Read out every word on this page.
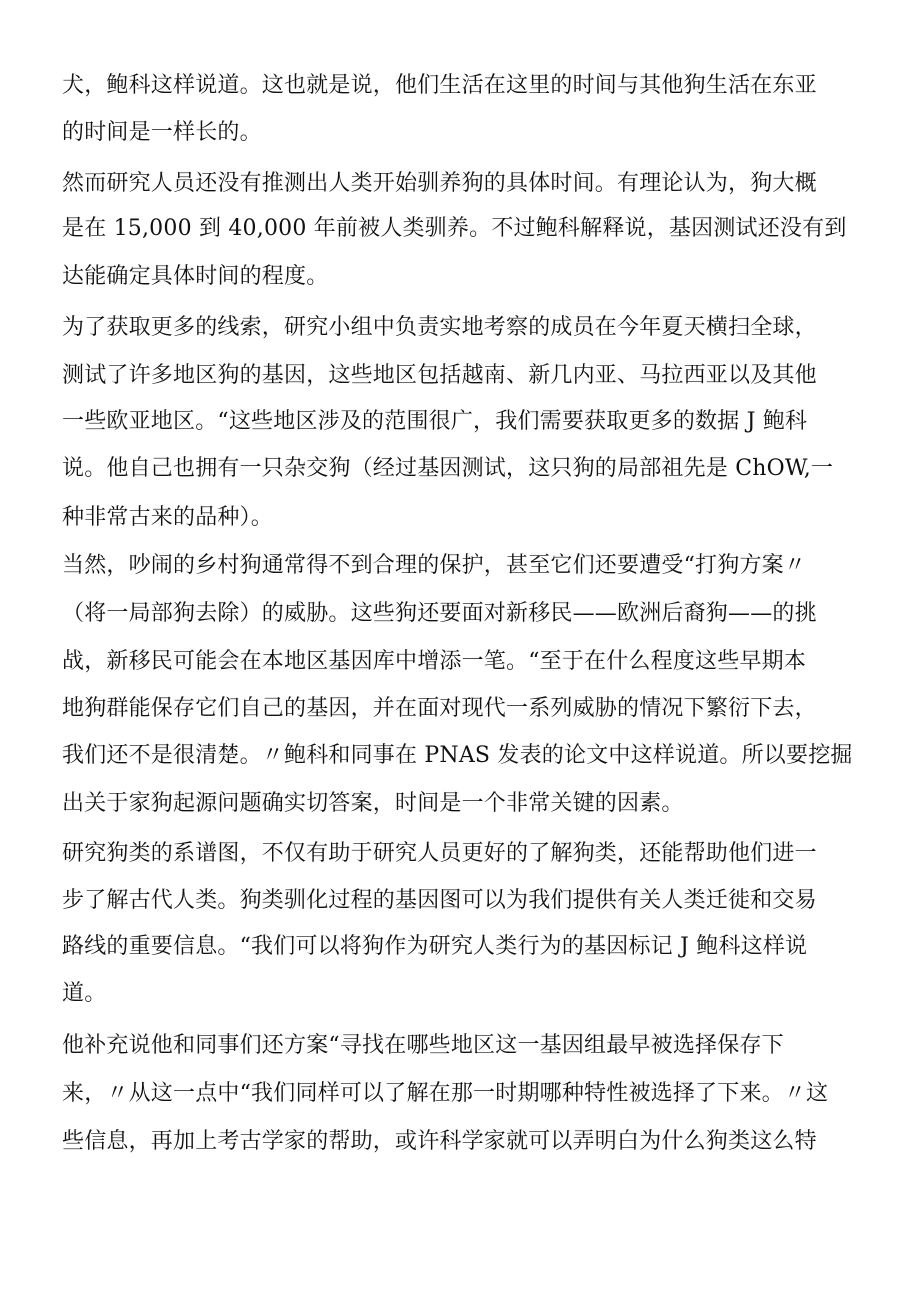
犬，鲍科这样说道。这也就是说，他们生活在这里的时间与其他狗生活在东亚
的时间是一样长的。
然而研究人员还没有推测出人类开始驯养狗的具体时间。有理论认为，狗大概
是在 15,000 到 40,000 年前被人类驯养。不过鲍科解释说，基因测试还没有到
达能确定具体时间的程度。
为了获取更多的线索，研究小组中负责实地考察的成员在今年夏天横扫全球，
测试了许多地区狗的基因，这些地区包括越南、新几内亚、马拉西亚以及其他
一些欧亚地区。“这些地区涉及的范围很广，我们需要获取更多的数据 J 鲍科
说。他自己也拥有一只杂交狗（经过基因测试，这只狗的局部祖先是 ChOW,一
种非常古来的品种）。
当然，吵闹的乡村狗通常得不到合理的保护，甚至它们还要遭受“打狗方案〃
（将一局部狗去除）的威胁。这些狗还要面对新移民——欧洲后裔狗——的挑
战，新移民可能会在本地区基因库中增添一笔。“至于在什么程度这些早期本
地狗群能保存它们自己的基因，并在面对现代一系列威胁的情况下繁衍下去，
我们还不是很清楚。〃鲍科和同事在 PNAS 发表的论文中这样说道。所以要挖掘
出关于家狗起源问题确实切答案，时间是一个非常关键的因素。
研究狗类的系谱图，不仅有助于研究人员更好的了解狗类，还能帮助他们进一
步了解古代人类。狗类驯化过程的基因图可以为我们提供有关人类迁徙和交易
路线的重要信息。“我们可以将狗作为研究人类行为的基因标记 J 鲍科这样说
道。
他补充说他和同事们还方案“寻找在哪些地区这一基因组最早被选择保存下
来，〃从这一点中“我们同样可以了解在那一时期哪种特性被选择了下来。〃这
些信息，再加上考古学家的帮助，或许科学家就可以弄明白为什么狗类这么特
